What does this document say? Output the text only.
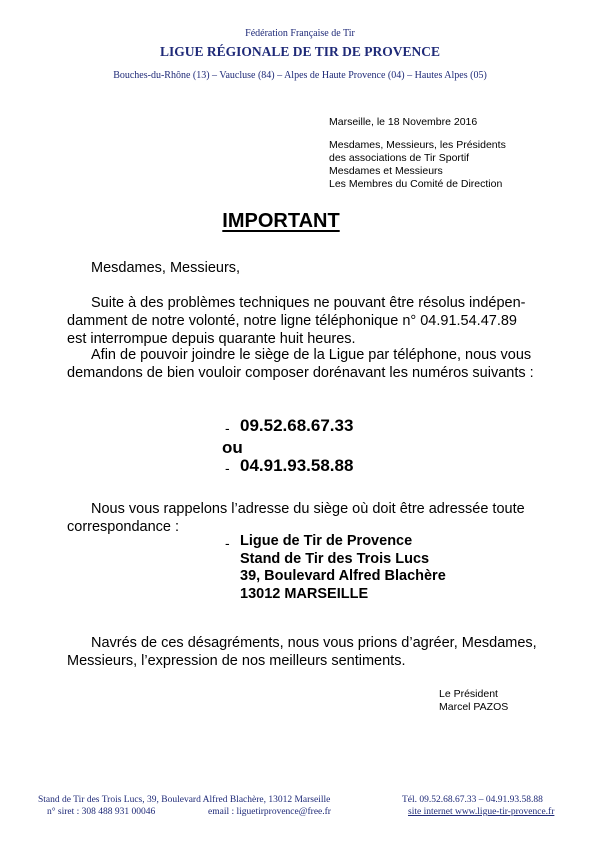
Fédération Française de Tir
LIGUE RÉGIONALE DE TIR DE PROVENCE
Bouches-du-Rhône (13) – Vaucluse (84) – Alpes de Haute Provence (04) – Hautes Alpes (05)
Marseille, le 18 Novembre 2016
Mesdames, Messieurs, les Présidents
des associations de Tir Sportif
Mesdames et Messieurs
Les Membres du Comité de Direction
IMPORTANT
Mesdames, Messieurs,
Suite à des problèmes techniques ne pouvant être résolus indépen-
damment de notre volonté, notre ligne téléphonique n° 04.91.54.47.89
est interrompue depuis quarante huit heures.
Afin de pouvoir joindre le siège de la Ligue par téléphone, nous vous
demandons de bien vouloir composer dorénavant les numéros suivants :
- 09.52.68.67.33
ou
- 04.91.93.58.88
Nous vous rappelons l’adresse du siège où doit être adressée toute
correspondance :
- Ligue de Tir de Provence
Stand de Tir des Trois Lucs
39, Boulevard Alfred Blachère
13012 MARSEILLE
Navrés de ces désagréments, nous vous prions d’agréer, Mesdames,
Messieurs, l’expression de nos meilleurs sentiments.
Le Président
Marcel PAZOS
Stand de Tir des Trois Lucs, 39, Boulevard Alfred Blachère, 13012 Marseille	Tél. 09.52.68.67.33 – 04.91.93.58.88
n° siret : 308 488 931 00046	email : liguetirprovence@free.fr	site internet www.ligue-tir-provence.fr
